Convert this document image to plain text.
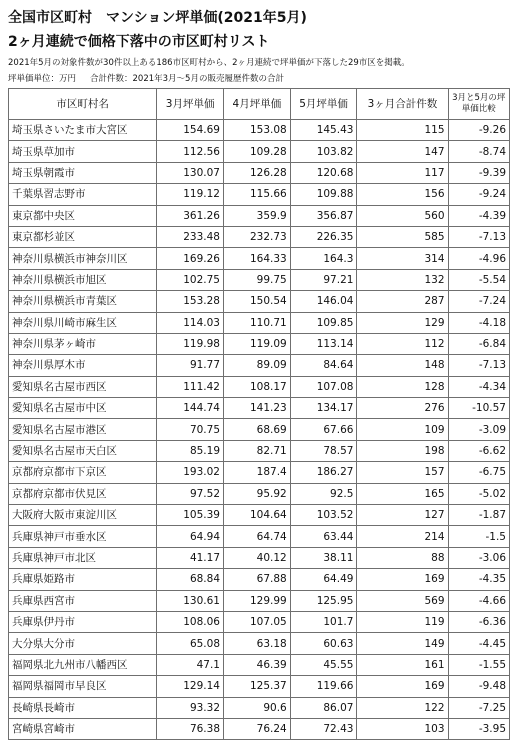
全国市区町村　マンション坪単価(2021年5月)
2ヶ月連続で価格下落中の市区町村リスト
2021年5月の対象件数が30件以上ある186市区町村から、2ヶ月連続で坪単価が下落した29市区を掲載。
坪単価単位：万円 合計件数：2021年3月～5月の販売履歴件数の合計
市区町村名	3月坪単価	4月坪単価	5月坪単価	3ヶ月合計件数	3月と5月の坪単価比較
埼玉県さいたま市大宮区	154.69	153.08	145.43	115	-9.26
埼玉県草加市	112.56	109.28	103.82	147	-8.74
埼玉県朝霞市	130.07	126.28	120.68	117	-9.39
千葉県習志野市	119.12	115.66	109.88	156	-9.24
東京都中央区	361.26	359.9	356.87	560	-4.39
東京都杉並区	233.48	232.73	226.35	585	-7.13
神奈川県横浜市神奈川区	169.26	164.33	164.3	314	-4.96
神奈川県横浜市旭区	102.75	99.75	97.21	132	-5.54
神奈川県横浜市青葉区	153.28	150.54	146.04	287	-7.24
神奈川県川崎市麻生区	114.03	110.71	109.85	129	-4.18
神奈川県茅ヶ崎市	119.98	119.09	113.14	112	-6.84
神奈川県厚木市	91.77	89.09	84.64	148	-7.13
愛知県名古屋市西区	111.42	108.17	107.08	128	-4.34
愛知県名古屋市中区	144.74	141.23	134.17	276	-10.57
愛知県名古屋市港区	70.75	68.69	67.66	109	-3.09
愛知県名古屋市天白区	85.19	82.71	78.57	198	-6.62
京都府京都市下京区	193.02	187.4	186.27	157	-6.75
京都府京都市伏見区	97.52	95.92	92.5	165	-5.02
大阪府大阪市東淀川区	105.39	104.64	103.52	127	-1.87
兵庫県神戸市垂水区	64.94	64.74	63.44	214	-1.5
兵庫県神戸市北区	41.17	40.12	38.11	88	-3.06
兵庫県姫路市	68.84	67.88	64.49	169	-4.35
兵庫県西宮市	130.61	129.99	125.95	569	-4.66
兵庫県伊丹市	108.06	107.05	101.7	119	-6.36
大分県大分市	65.08	63.18	60.63	149	-4.45
福岡県北九州市八幡西区	47.1	46.39	45.55	161	-1.55
福岡県福岡市早良区	129.14	125.37	119.66	169	-9.48
長崎県長崎市	93.32	90.6	86.07	122	-7.25
宮崎県宮崎市	76.38	76.24	72.43	103	-3.95
